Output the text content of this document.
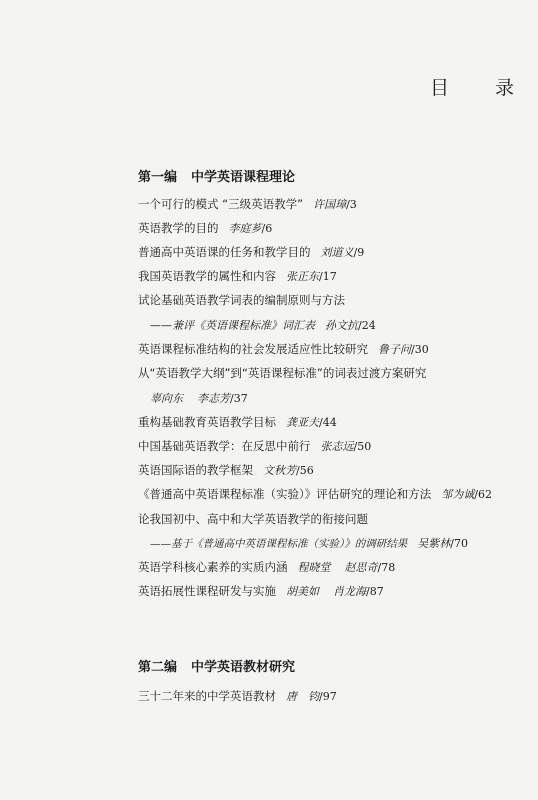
目 录
第一编 中学英语课程理论
一个可行的模式 “三级英语教学” 许国璋/3
英语教学的目的 李庭芗/6
普通高中英语课的任务和教学目的 刘道义/9
我国英语教学的属性和内容 张正东/17
试论基础英语教学词表的编制原则与方法
——兼评《英语课程标准》词汇表 孙文抗/24
英语课程标准结构的社会发展适应性比较研究 鲁子问/30
从“英语教学大纲”到“英语课程标准”的词表过渡方案研究
辜向东 李志芳/37
重构基础教育英语教学目标 龚亚夫/44
中国基础英语教学：在反思中前行 张志远/50
英语国际语的教学框架 文秋芳/56
《普通高中英语课程标准（实验）》评估研究的理论和方法 邹为诚/62
论我国初中、高中和大学英语教学的衔接问题
——基于《普通高中英语课程标准（实验）》的调研结果 吴紫林/70
英语学科核心素养的实质内涵 程晓堂 赵思奇/78
英语拓展性课程研发与实施 胡美如 肖龙海/87
第二编 中学英语教材研究
三十二年来的中学英语教材 唐　钧/97
